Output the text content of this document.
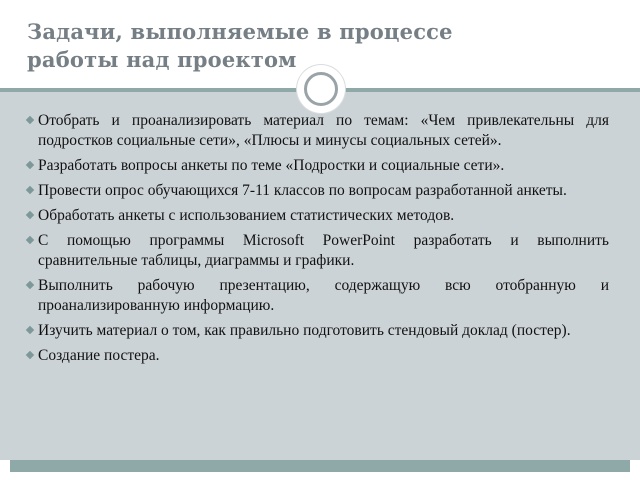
Задачи, выполняемые в процессе
работы над проектом
Отобрать и проанализировать материал по темам: «Чем привлекательны для подростков социальные сети», «Плюсы и минусы социальных сетей».
Разработать вопросы анкеты по теме «Подростки и социальные сети».
Провести опрос обучающихся 7-11 классов по вопросам разработанной анкеты.
Обработать анкеты с использованием статистических методов.
С помощью программы Microsoft PowerPoint разработать и выполнить сравнительные таблицы, диаграммы и графики.
Выполнить рабочую презентацию, содержащую всю отобранную и проанализированную информацию.
Изучить материал о том, как правильно подготовить стендовый доклад (постер).
Создание постера.
